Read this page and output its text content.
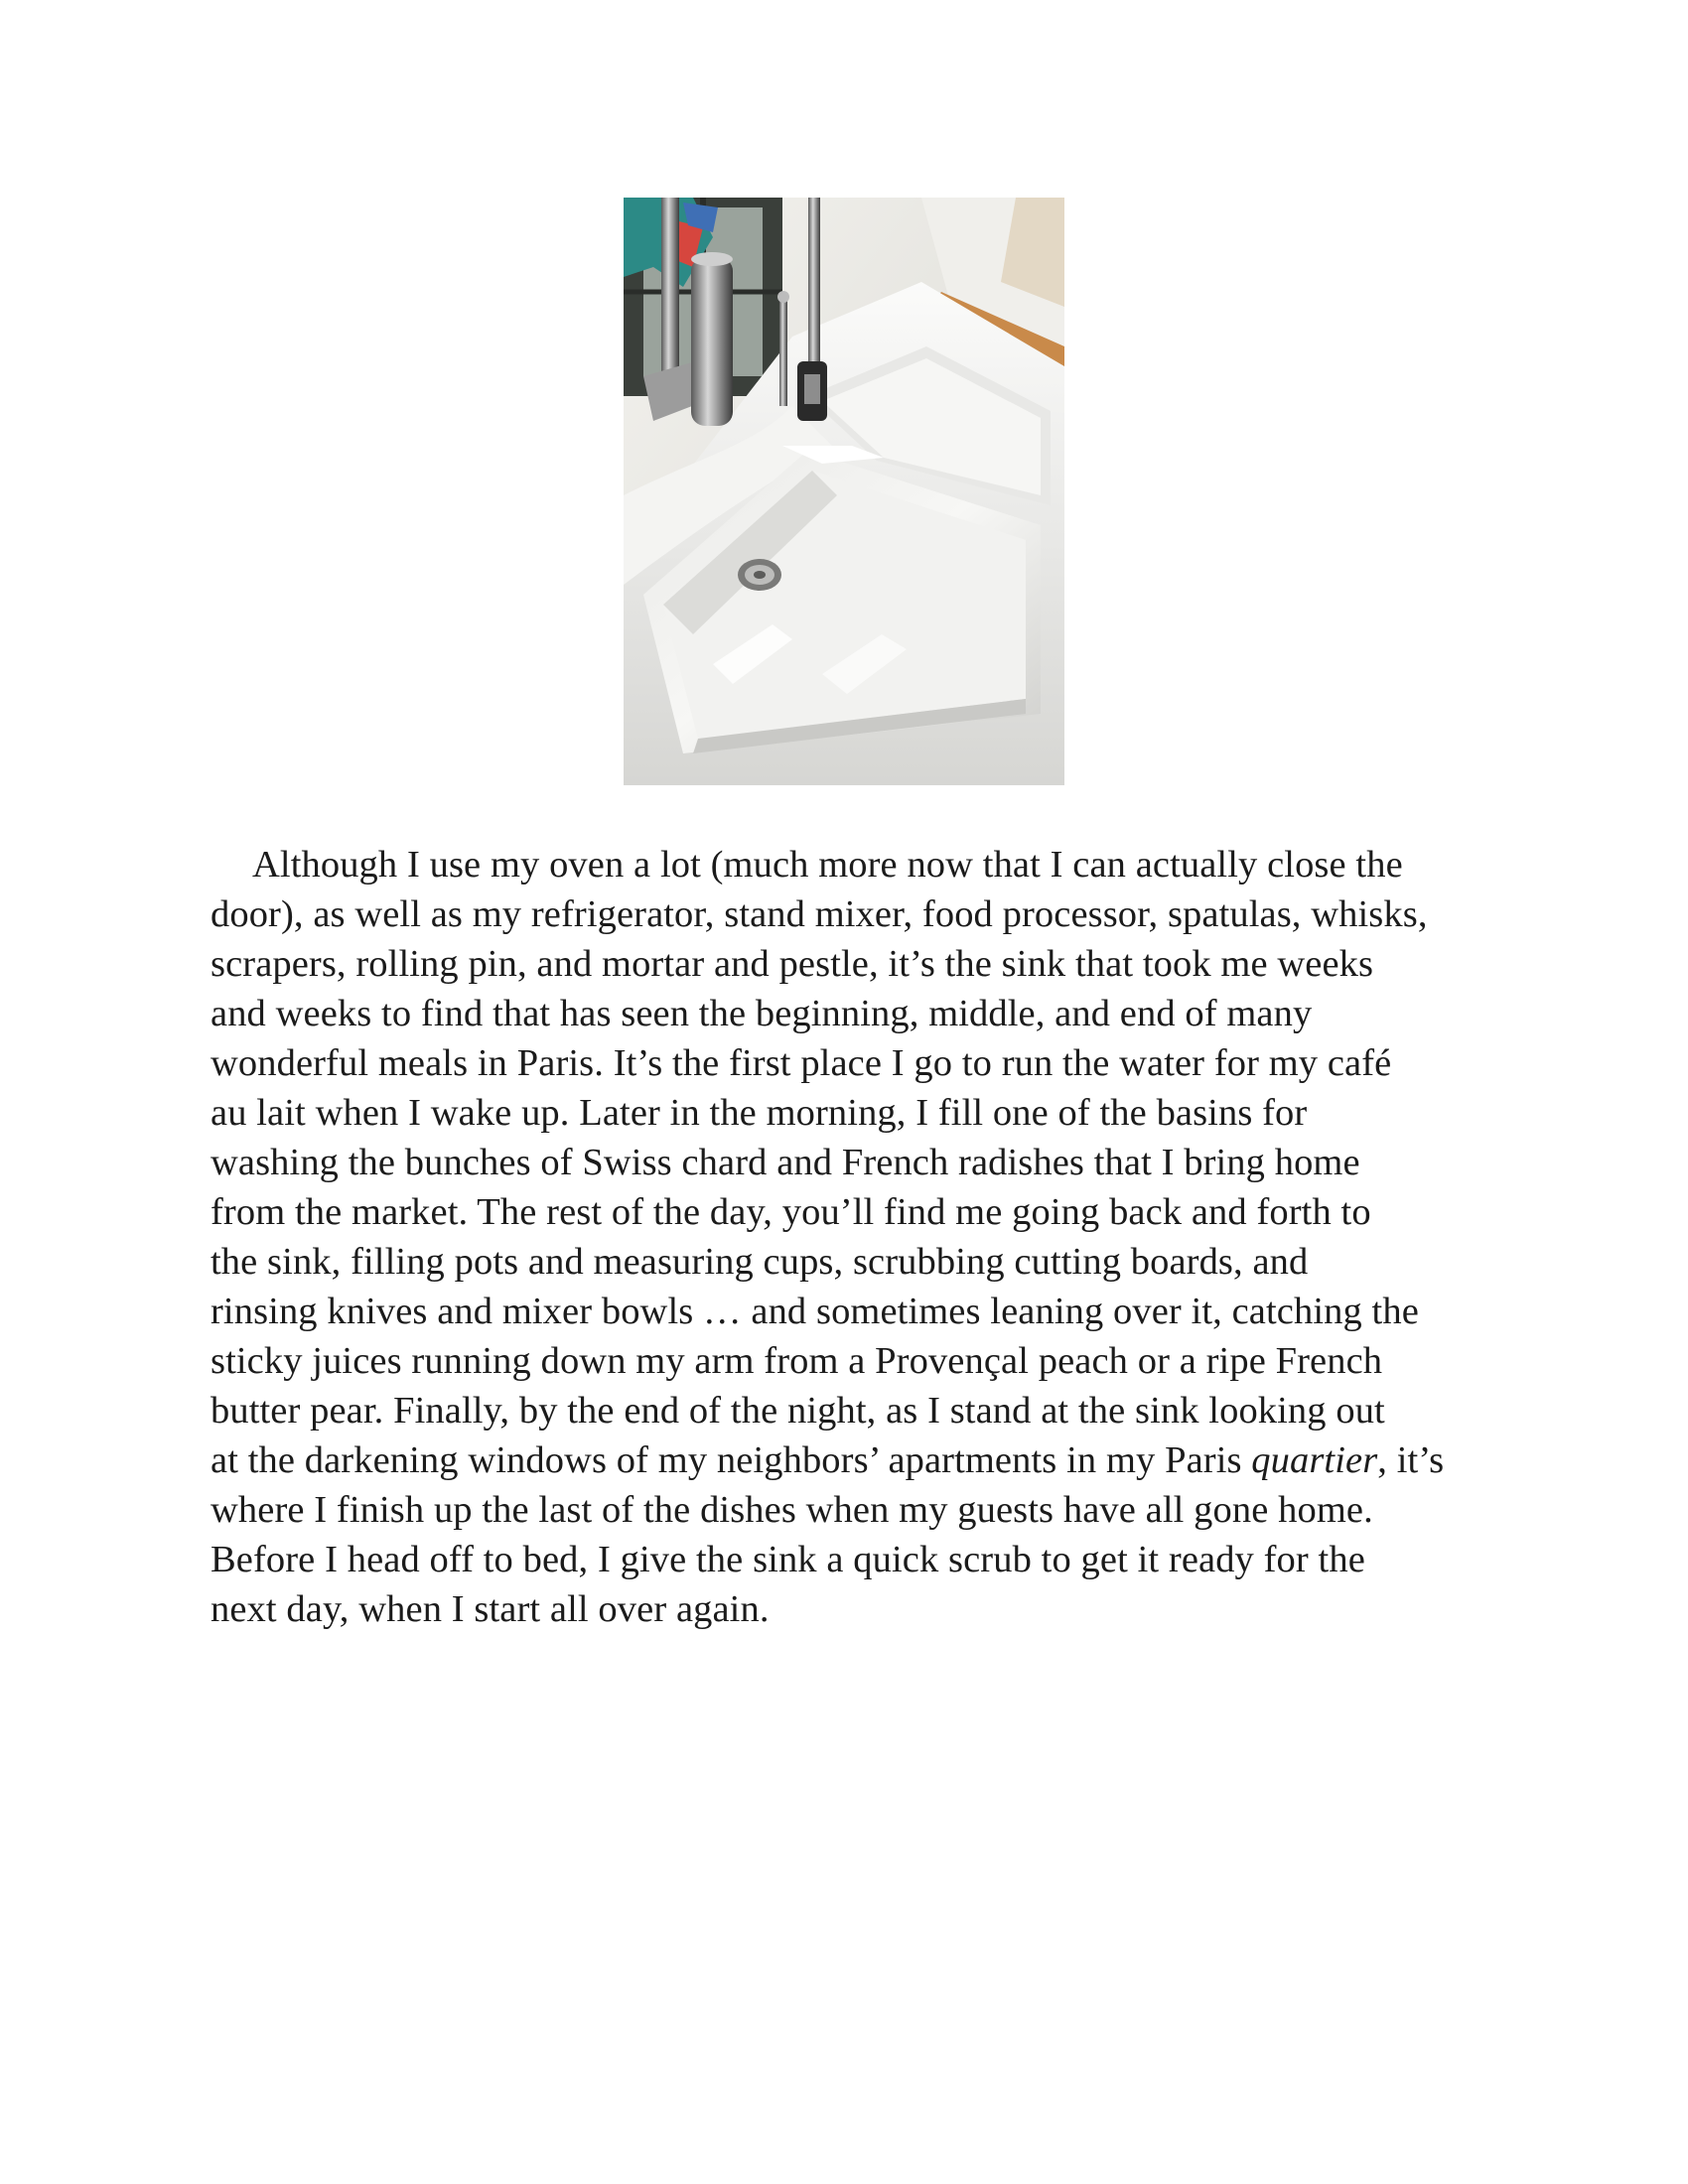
Although I use my oven a lot (much more now that I can actually close the
door), as well as my refrigerator, stand mixer, food processor, spatulas, whisks,
scrapers, rolling pin, and mortar and pestle, it’s the sink that took me weeks
and weeks to find that has seen the beginning, middle, and end of many
wonderful meals in Paris. It’s the first place I go to run the water for my café
au lait when I wake up. Later in the morning, I fill one of the basins for
washing the bunches of Swiss chard and French radishes that I bring home
from the market. The rest of the day, you’ll find me going back and forth to
the sink, filling pots and measuring cups, scrubbing cutting boards, and
rinsing knives and mixer bowls … and sometimes leaning over it, catching the
sticky juices running down my arm from a Provençal peach or a ripe French
butter pear. Finally, by the end of the night, as I stand at the sink looking out
at the darkening windows of my neighbors’ apartments in my Paris quartier, it’s
where I finish up the last of the dishes when my guests have all gone home.
Before I head off to bed, I give the sink a quick scrub to get it ready for the
next day, when I start all over again.
